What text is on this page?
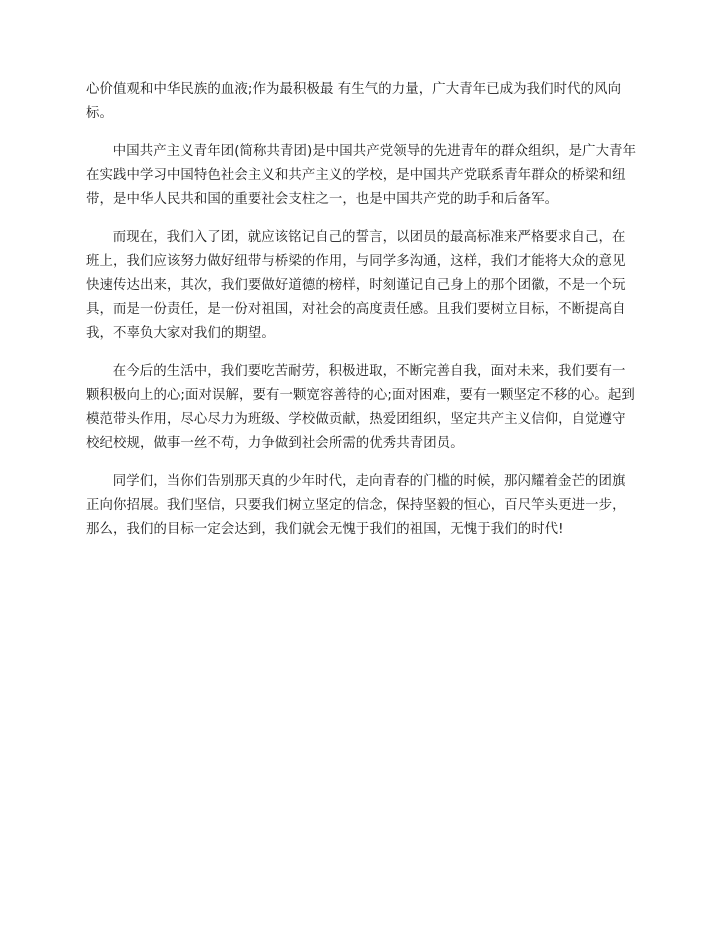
心价值观和中华民族的血液;作为最积极最 有生气的力量，广大青年已成为我们时代的风向标。

中国共产主义青年团(简称共青团)是中国共产党领导的先进青年的群众组织，是广大青年在实践中学习中国特色社会主义和共产主义的学校，是中国共产党联系青年群众的桥梁和纽带，是中华人民共和国的重要社会支柱之一，也是中国共产党的助手和后备军。

而现在，我们入了团，就应该铭记自己的誓言，以团员的最高标准来严格要求自己，在班上，我们应该努力做好纽带与桥梁的作用，与同学多沟通，这样，我们才能将大众的意见快速传达出来，其次，我们要做好道德的榜样，时刻谨记自己身上的那个团徽，不是一个玩具，而是一份责任，是一份对祖国，对社会的高度责任感。且我们要树立目标，不断提高自我，不辜负大家对我们的期望。

在今后的生活中，我们要吃苦耐劳，积极进取，不断完善自我，面对未来，我们要有一颗积极向上的心;面对误解，要有一颗宽容善待的心;面对困难，要有一颗坚定不移的心。起到模范带头作用，尽心尽力为班级、学校做贡献，热爱团组织，坚定共产主义信仰，自觉遵守校纪校规，做事一丝不苟，力争做到社会所需的优秀共青团员。

同学们，当你们告别那天真的少年时代，走向青春的门槛的时候，那闪耀着金芒的团旗正向你招展。我们坚信，只要我们树立坚定的信念，保持坚毅的恒心，百尺竿头更进一步，那么，我们的目标一定会达到，我们就会无愧于我们的祖国，无愧于我们的时代!
